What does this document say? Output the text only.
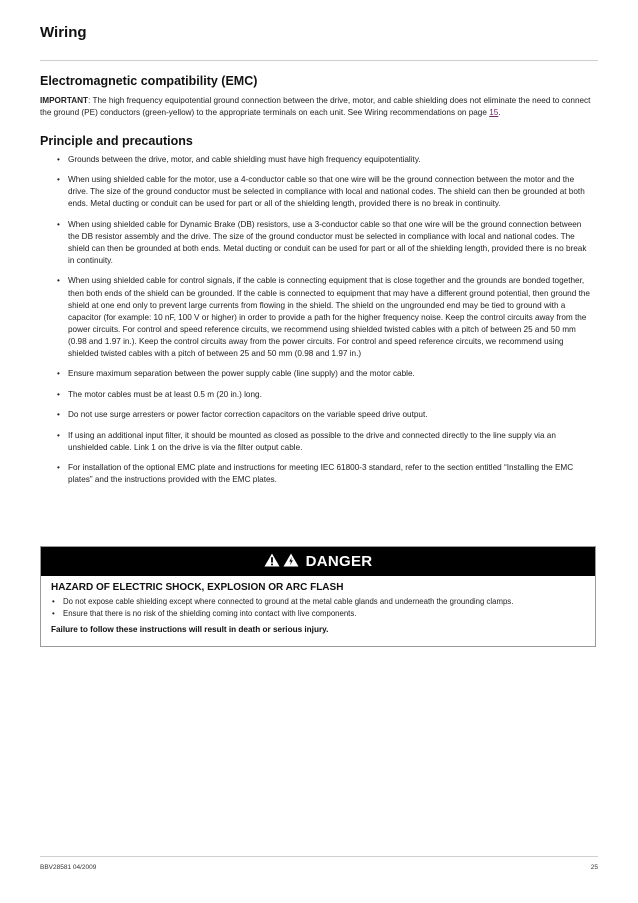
Wiring
Electromagnetic compatibility (EMC)

IMPORTANT: The high frequency equipotential ground connection between the drive, motor, and cable shielding does not eliminate the need to connect the ground (PE) conductors (green-yellow) to the appropriate terminals on each unit. See Wiring recommendations on page 15.

Principle and precautions
• Grounds between the drive, motor, and cable shielding must have high frequency equipotentiality.
• When using shielded cable for the motor, use a 4-conductor cable so that one wire will be the ground connection between the motor and the drive. The size of the ground conductor must be selected in compliance with local and national codes. The shield can then be grounded at both ends. Metal ducting or conduit can be used for part or all of the shielding length, provided there is no break in continuity.
• When using shielded cable for Dynamic Brake (DB) resistors, use a 3-conductor cable so that one wire will be the ground connection between the DB resistor assembly and the drive. The size of the ground conductor must be selected in compliance with local and national codes. The shield can then be grounded at both ends. Metal ducting or conduit can be used for part or all of the shielding length, provided there is no break in continuity.
• When using shielded cable for control signals, if the cable is connecting equipment that is close together and the grounds are bonded together, then both ends of the shield can be grounded. If the cable is connected to equipment that may have a different ground potential, then ground the shield at one end only to prevent large currents from flowing in the shield. The shield on the ungrounded end may be tied to ground with a capacitor (for example: 10 nF, 100 V or higher) in order to provide a path for the higher frequency noise. Keep the control circuits away from the power circuits. For control and speed reference circuits, we recommend using shielded twisted cables with a pitch of between 25 and 50 mm (0.98 and 1.97 in.). Keep the control circuits away from the power circuits. For control and speed reference circuits, we recommend using shielded twisted cables with a pitch of between 25 and 50 mm (0.98 and 1.97 in.)
• Ensure maximum separation between the power supply cable (line supply) and the motor cable.
• The motor cables must be at least 0.5 m (20 in.) long.
• Do not use surge arresters or power factor correction capacitors on the variable speed drive output.
• If using an additional input filter, it should be mounted as closed as possible to the drive and connected directly to the line supply via an unshielded cable. Link 1 on the drive is via the filter output cable.
• For installation of the optional EMC plate and instructions for meeting IEC 61800-3 standard, refer to the section entitled “Installing the EMC plates” and the instructions provided with the EMC plates.
DANGER
HAZARD OF ELECTRIC SHOCK, EXPLOSION OR ARC FLASH
• Do not expose cable shielding except where connected to ground at the metal cable glands and underneath the grounding clamps.
• Ensure that there is no risk of the shielding coming into contact with live components.
Failure to follow these instructions will result in death or serious injury.
BBV28581 04/2009	25
